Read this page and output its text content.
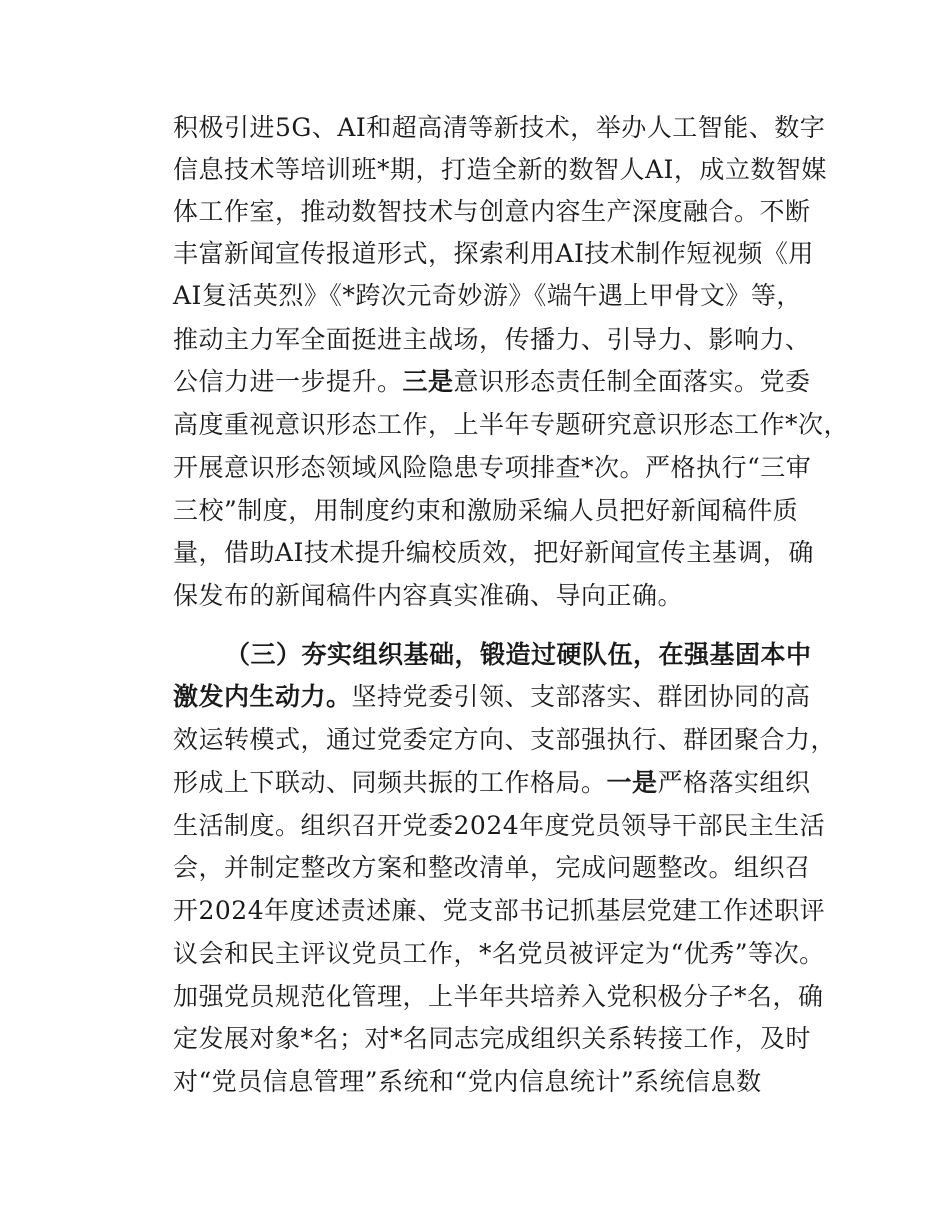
积极引进5G、AI和超高清等新技术，举办人工智能、数字
信息技术等培训班*期，打造全新的数智人AI，成立数智媒
体工作室，推动数智技术与创意内容生产深度融合。不断
丰富新闻宣传报道形式，探索利用AI技术制作短视频《用
AI复活英烈》《*跨次元奇妙游》《端午遇上甲骨文》等，
推动主力军全面挺进主战场，传播力、引导力、影响力、
公信力进一步提升。三是意识形态责任制全面落实。党委
高度重视意识形态工作，上半年专题研究意识形态工作*次，
开展意识形态领域风险隐患专项排查*次。严格执行“三审
三校”制度，用制度约束和激励采编人员把好新闻稿件质
量，借助AI技术提升编校质效，把好新闻宣传主基调，确
保发布的新闻稿件内容真实准确、导向正确。
（三）夯实组织基础，锻造过硬队伍，在强基固本中
激发内生动力。坚持党委引领、支部落实、群团协同的高
效运转模式，通过党委定方向、支部强执行、群团聚合力，
形成上下联动、同频共振的工作格局。一是严格落实组织
生活制度。组织召开党委2024年度党员领导干部民主生活
会，并制定整改方案和整改清单，完成问题整改。组织召
开2024年度述责述廉、党支部书记抓基层党建工作述职评
议会和民主评议党员工作，*名党员被评定为“优秀”等次。
加强党员规范化管理，上半年共培养入党积极分子*名，确
定发展对象*名；对*名同志完成组织关系转接工作，及时
对“党员信息管理”系统和“党内信息统计”系统信息数
